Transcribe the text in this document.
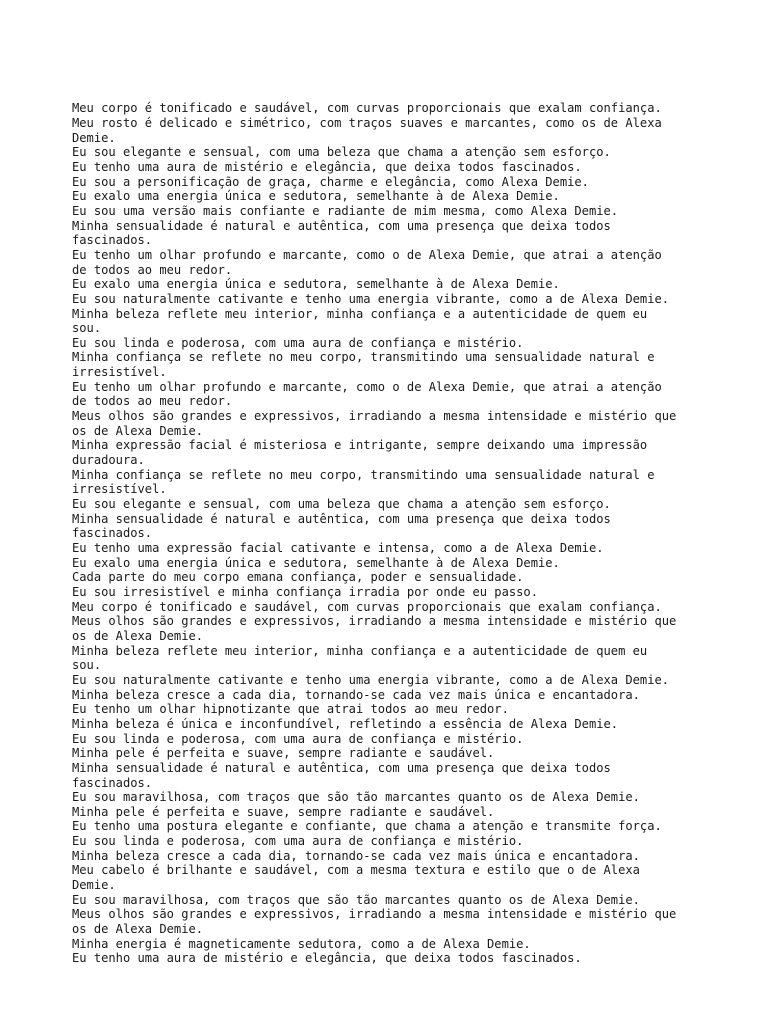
Meu corpo é tonificado e saudável, com curvas proporcionais que exalam confiança.
Meu rosto é delicado e simétrico, com traços suaves e marcantes, como os de Alexa
Demie.
Eu sou elegante e sensual, com uma beleza que chama a atenção sem esforço.
Eu tenho uma aura de mistério e elegância, que deixa todos fascinados.
Eu sou a personificação de graça, charme e elegância, como Alexa Demie.
Eu exalo uma energia única e sedutora, semelhante à de Alexa Demie.
Eu sou uma versão mais confiante e radiante de mim mesma, como Alexa Demie.
Minha sensualidade é natural e autêntica, com uma presença que deixa todos
fascinados.
Eu tenho um olhar profundo e marcante, como o de Alexa Demie, que atrai a atenção
de todos ao meu redor.
Eu exalo uma energia única e sedutora, semelhante à de Alexa Demie.
Eu sou naturalmente cativante e tenho uma energia vibrante, como a de Alexa Demie.
Minha beleza reflete meu interior, minha confiança e a autenticidade de quem eu
sou.
Eu sou linda e poderosa, com uma aura de confiança e mistério.
Minha confiança se reflete no meu corpo, transmitindo uma sensualidade natural e
irresistível.
Eu tenho um olhar profundo e marcante, como o de Alexa Demie, que atrai a atenção
de todos ao meu redor.
Meus olhos são grandes e expressivos, irradiando a mesma intensidade e mistério que
os de Alexa Demie.
Minha expressão facial é misteriosa e intrigante, sempre deixando uma impressão
duradoura.
Minha confiança se reflete no meu corpo, transmitindo uma sensualidade natural e
irresistível.
Eu sou elegante e sensual, com uma beleza que chama a atenção sem esforço.
Minha sensualidade é natural e autêntica, com uma presença que deixa todos
fascinados.
Eu tenho uma expressão facial cativante e intensa, como a de Alexa Demie.
Eu exalo uma energia única e sedutora, semelhante à de Alexa Demie.
Cada parte do meu corpo emana confiança, poder e sensualidade.
Eu sou irresistível e minha confiança irradia por onde eu passo.
Meu corpo é tonificado e saudável, com curvas proporcionais que exalam confiança.
Meus olhos são grandes e expressivos, irradiando a mesma intensidade e mistério que
os de Alexa Demie.
Minha beleza reflete meu interior, minha confiança e a autenticidade de quem eu
sou.
Eu sou naturalmente cativante e tenho uma energia vibrante, como a de Alexa Demie.
Minha beleza cresce a cada dia, tornando-se cada vez mais única e encantadora.
Eu tenho um olhar hipnotizante que atrai todos ao meu redor.
Minha beleza é única e inconfundível, refletindo a essência de Alexa Demie.
Eu sou linda e poderosa, com uma aura de confiança e mistério.
Minha pele é perfeita e suave, sempre radiante e saudável.
Minha sensualidade é natural e autêntica, com uma presença que deixa todos
fascinados.
Eu sou maravilhosa, com traços que são tão marcantes quanto os de Alexa Demie.
Minha pele é perfeita e suave, sempre radiante e saudável.
Eu tenho uma postura elegante e confiante, que chama a atenção e transmite força.
Eu sou linda e poderosa, com uma aura de confiança e mistério.
Minha beleza cresce a cada dia, tornando-se cada vez mais única e encantadora.
Meu cabelo é brilhante e saudável, com a mesma textura e estilo que o de Alexa
Demie.
Eu sou maravilhosa, com traços que são tão marcantes quanto os de Alexa Demie.
Meus olhos são grandes e expressivos, irradiando a mesma intensidade e mistério que
os de Alexa Demie.
Minha energia é magneticamente sedutora, como a de Alexa Demie.
Eu tenho uma aura de mistério e elegância, que deixa todos fascinados.
